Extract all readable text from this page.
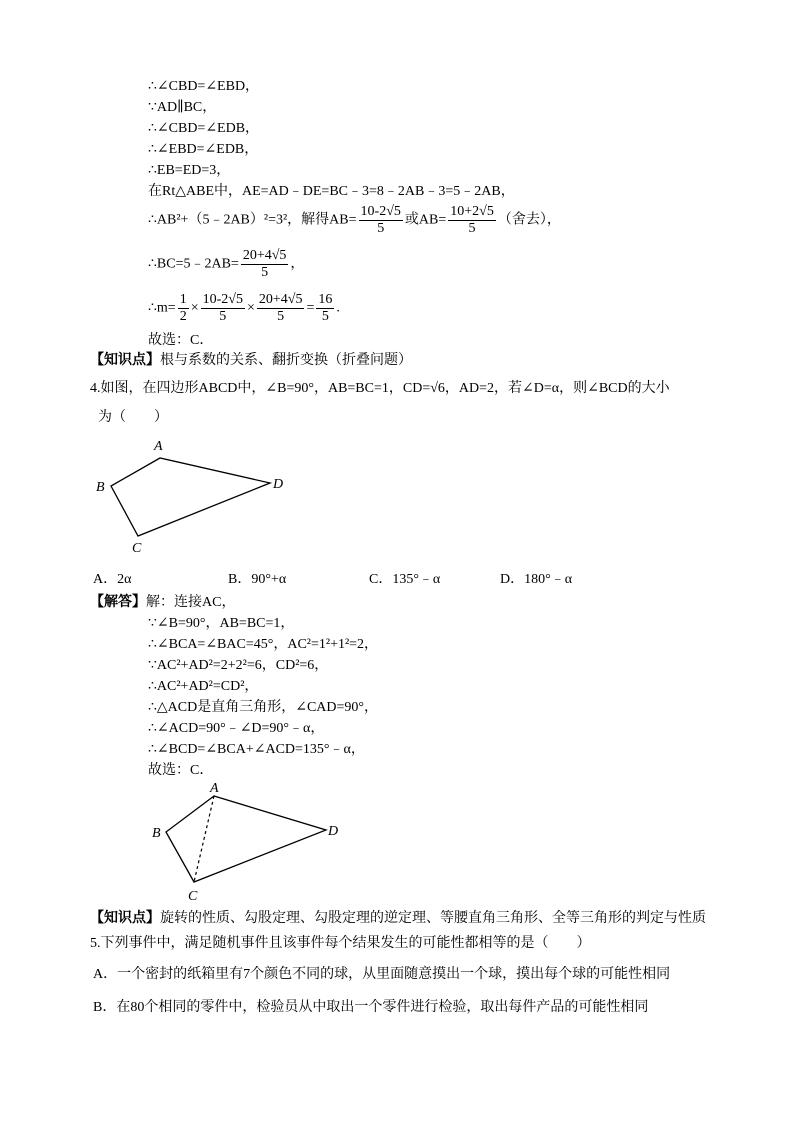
∴∠CBD=∠EBD，
∵AD∥BC，
∴∠CBD=∠EDB，
∴∠EBD=∠EDB，
∴EB=ED=3，
在Rt△ABE中，AE=AD﹣DE=BC﹣3=8﹣2AB﹣3=5﹣2AB，
∴AB²+（5﹣2AB）²=3²，解得$AB= \frac{10-2√5}{5}$ 或$AB= \frac{10+2√5}{5}$ （舍去），
∴BC=5﹣2AB= $\frac{20+4√5}{5}$ ，
∴m= $\frac{1}{2} \times \frac{10-2√5}{5} \times \frac{20+4√5}{5} = \frac{16}{5}$ .
故选：C．
【知识点】根与系数的关系、翻折变换（折叠问题）
4.如图，在四边形ABCD中，∠B=90°，AB=BC=1，CD=√6，AD=2，若∠D=α，则∠BCD的大小
为（　　）
A
B
C
D
A．2α	B．90°+α	C．135°﹣α	D．180°﹣α
【解答】解：连接AC，
∵∠B=90°，AB=BC=1，
∴∠BCA=∠BAC=45°，AC²=1²+1²=2，
∵AC²+AD²=2+2²=6，CD²=6，
∴AC²+AD²=CD²，
∴△ACD是直角三角形，∠CAD=90°，
∴∠ACD=90°﹣∠D=90°﹣α，
∴∠BCD=∠BCA+∠ACD=135°﹣α，
故选：C．
A
B
C
D
【知识点】旋转的性质、勾股定理、勾股定理的逆定理、等腰直角三角形、全等三角形的判定与性质
5.下列事件中，满足随机事件且该事件每个结果发生的可能性都相等的是（　　）
A．一个密封的纸箱里有7个颜色不同的球，从里面随意摸出一个球，摸出每个球的可能性相同
B．在80个相同的零件中，检验员从中取出一个零件进行检验，取出每件产品的可能性相同
